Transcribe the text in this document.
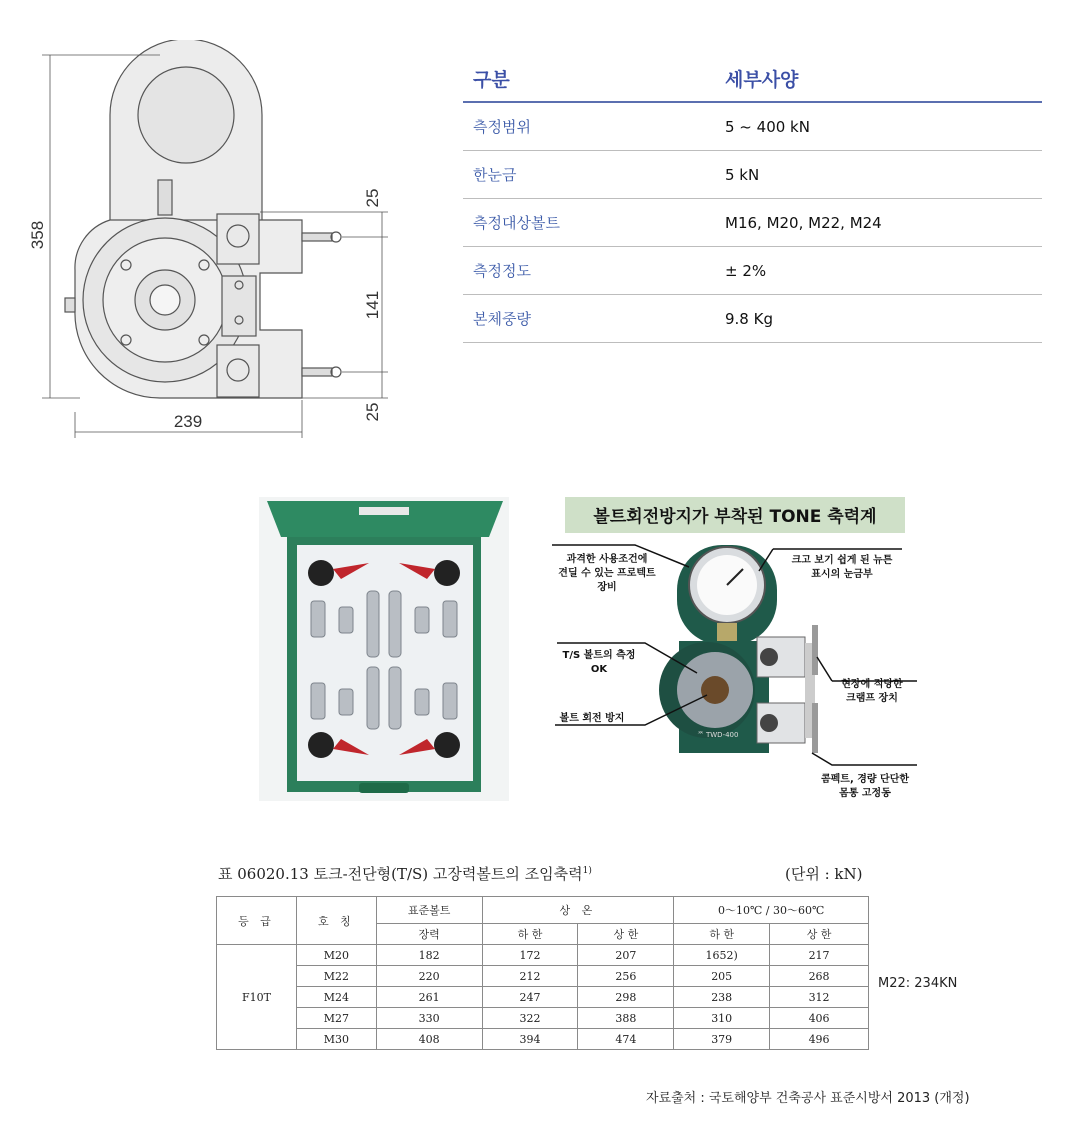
358
239
25
141
25
구분	세부사양
측정범위	5 ~ 400 kN
한눈금	5 kN
측정대상볼트	M16, M20, M22, M24
측정정도	± 2%
본체중량	9.8 Kg
볼트회전방지가 부착된 TONE 축력계
ᄍ TWD-400
과격한 사용조건에
견딜 수 있는 프로텍트
장비
크고 보기 쉽게 된 뉴튼
표시의 눈금부
T/S 볼트의 측정
OK
현장에 적당한
크램프 장치
볼트 회전 방지
콤펙트, 경량 단단한
몸통 고정동
표 06020.13 토크-전단형(T/S) 고장력볼트의 조임축력$^{1)}$	(단위 : kN)
등 급	호 칭	표준볼트	상 온		0～10℃ / 30～60℃	
		장력	하 한	상 한	하 한	상 한
F10T	M20	182	172	207	1652)	217
	M22	220	212	256	205	268
	M24	261	247	298	238	312
	M27	330	322	388	310	406
	M30	408	394	474	379	496
M22: 234KN
자료출처 : 국토해양부 건축공사 표준시방서 2013 (개정)
